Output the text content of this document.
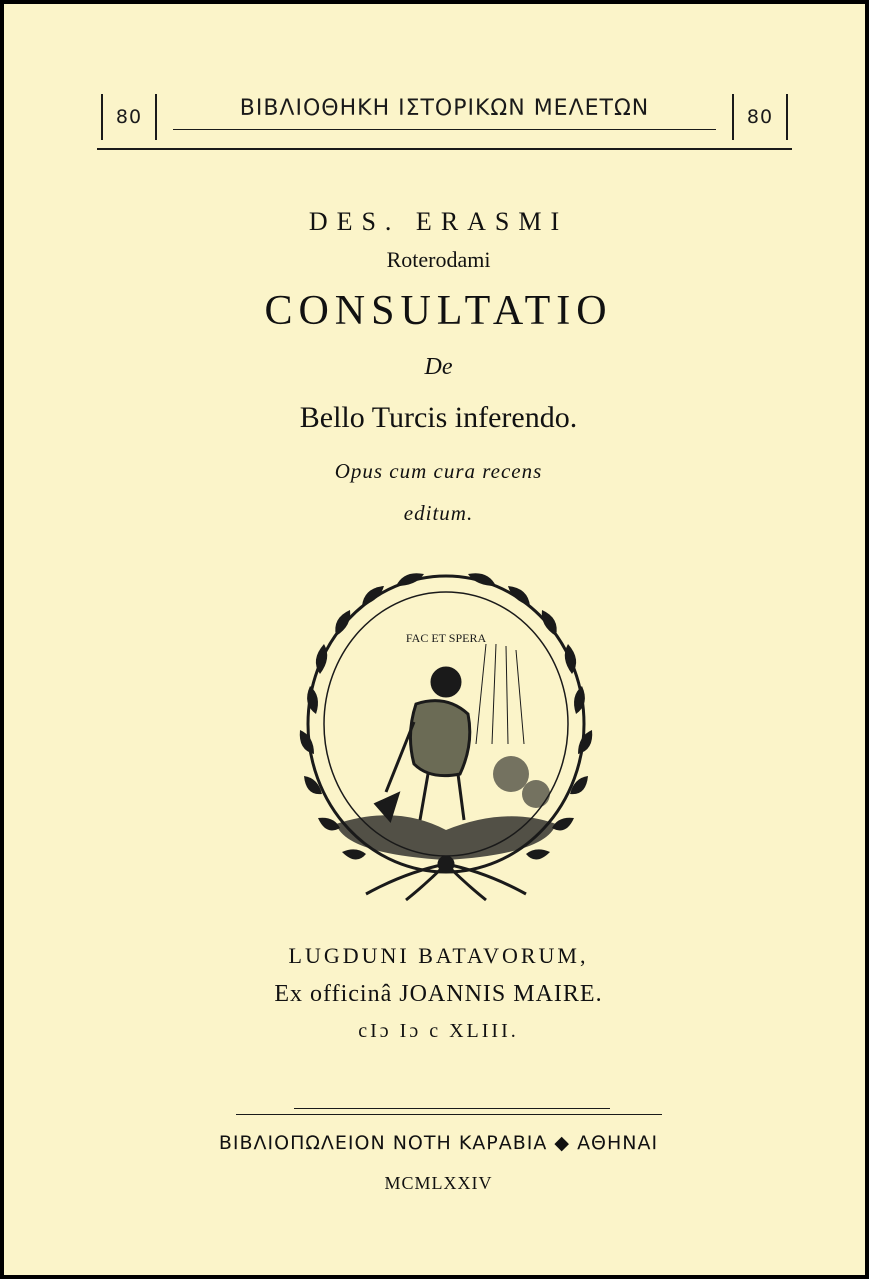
80	ΒΙΒΛΙΟΘΗΚΗ ΙΣΤΟΡΙΚΩΝ ΜΕΛΕΤΩΝ	80
DES. ERASMI
Roterodami
CONSULTATIO
De
Bello Turcis inferendo.
Opus cum cura recens
editum.
FAC ET SPERA
LUGDUNI BATAVORUM,
Ex officinâ JOANNIS MAIRE.
cIɔ Iɔ c XLIII.
ΒΙΒΛΙΟΠΩΛΕΙΟΝ ΝΟΤΗ ΚΑΡΑΒΙΑ ◆ ΑΘΗΝΑΙ
MCMLXXIV
